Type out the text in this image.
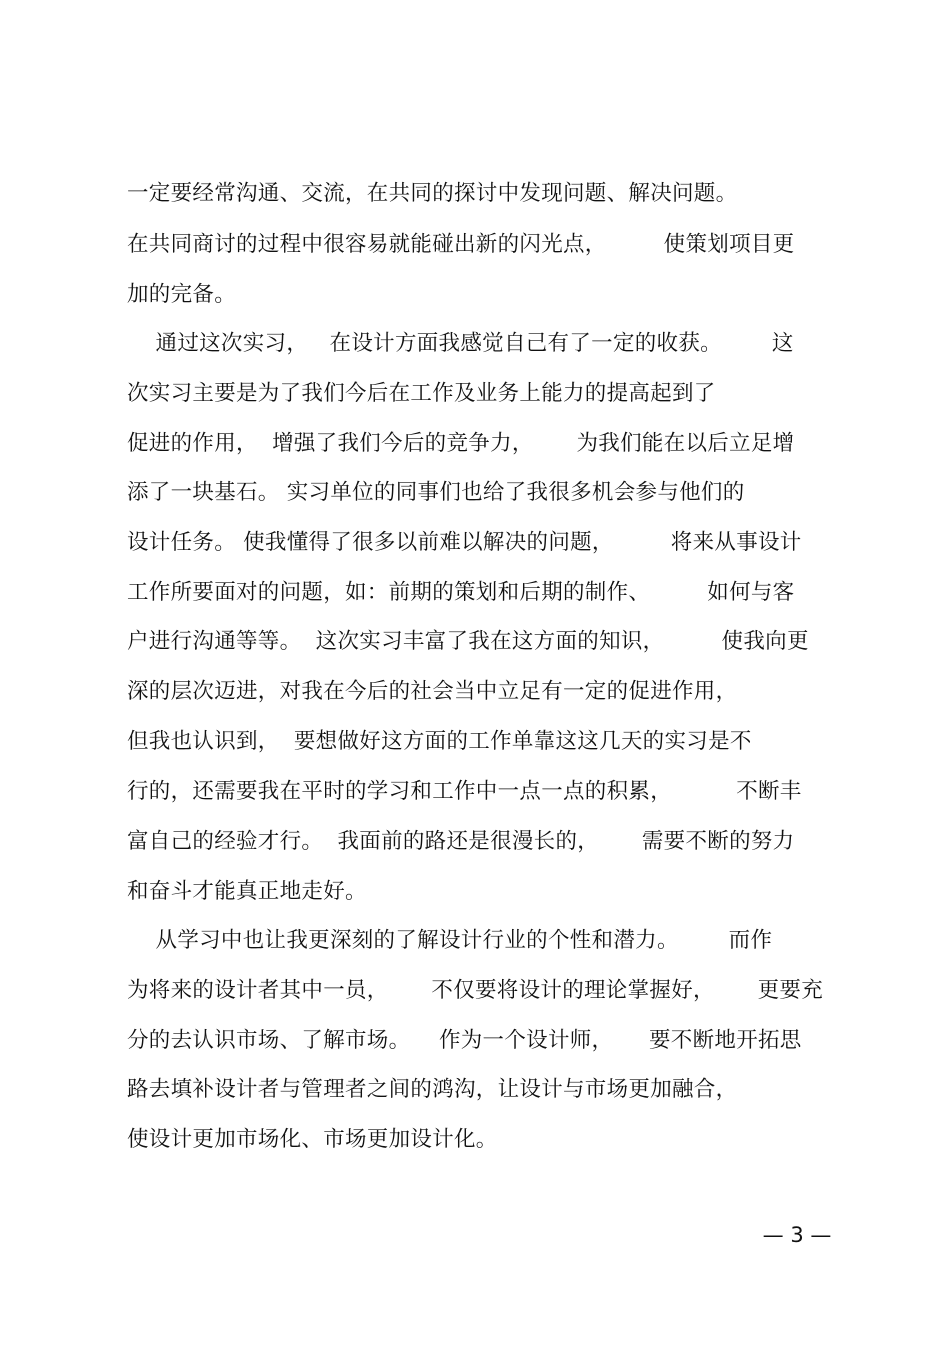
一定要经常沟通、交流，在共同的探讨中发现问题、解决问题。
在共同商讨的过程中很容易就能碰出新的闪光点，        使策划项目更
加的完备。
通过这次实习，   在设计方面我感觉自己有了一定的收获。       这
次实习主要是为了我们今后在工作及业务上能力的提高起到了
促进的作用，  增强了我们今后的竞争力，      为我们能在以后立足增
添了一块基石。 实习单位的同事们也给了我很多机会参与他们的
设计任务。 使我懂得了很多以前难以解决的问题，        将来从事设计
工作所要面对的问题，如：前期的策划和后期的制作、        如何与客
户进行沟通等等。  这次实习丰富了我在这方面的知识，        使我向更
深的层次迈进，对我在今后的社会当中立足有一定的促进作用，
但我也认识到，  要想做好这方面的工作单靠这这几天的实习是不
行的，还需要我在平时的学习和工作中一点一点的积累，         不断丰
富自己的经验才行。  我面前的路还是很漫长的，      需要不断的努力
和奋斗才能真正地走好。
从学习中也让我更深刻的了解设计行业的个性和潜力。       而作
为将来的设计者其中一员，      不仅要将设计的理论掌握好，      更要充
分的去认识市场、了解市场。    作为一个设计师，     要不断地开拓思
路去填补设计者与管理者之间的鸿沟，让设计与市场更加融合，
使设计更加市场化、市场更加设计化。
— 3 —
